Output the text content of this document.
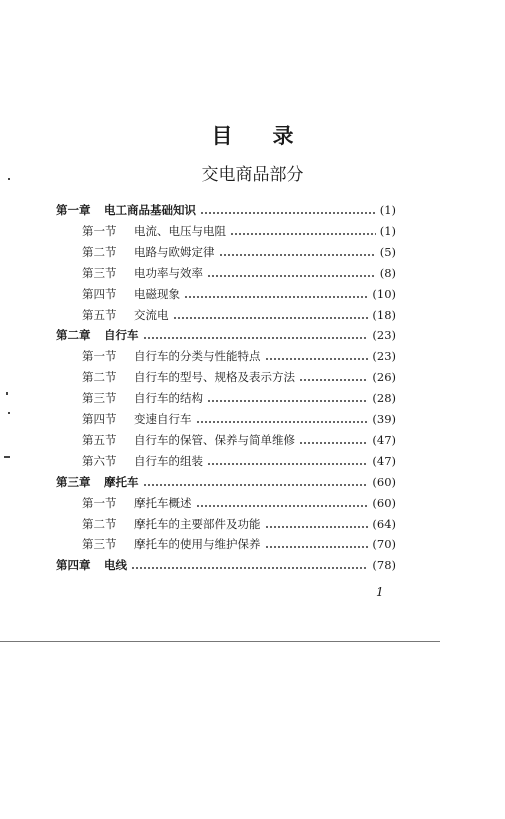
目 录
交电商品部分
第一章	电工商品基础知识	(1)
第一节	电流、电压与电阻	(1)
第二节	电路与欧姆定律	(5)
第三节	电功率与效率	(8)
第四节	电磁现象	(10)
第五节	交流电	(18)
第二章	自行车	(23)
第一节	自行车的分类与性能特点	(23)
第二节	自行车的型号、规格及表示方法	(26)
第三节	自行车的结构	(28)
第四节	变速自行车	(39)
第五节	自行车的保管、保养与简单维修	(47)
第六节	自行车的组装	(47)
第三章	摩托车	(60)
第一节	摩托车概述	(60)
第二节	摩托车的主要部件及功能	(64)
第三节	摩托车的使用与维护保养	(70)
第四章	电线	(78)
1
